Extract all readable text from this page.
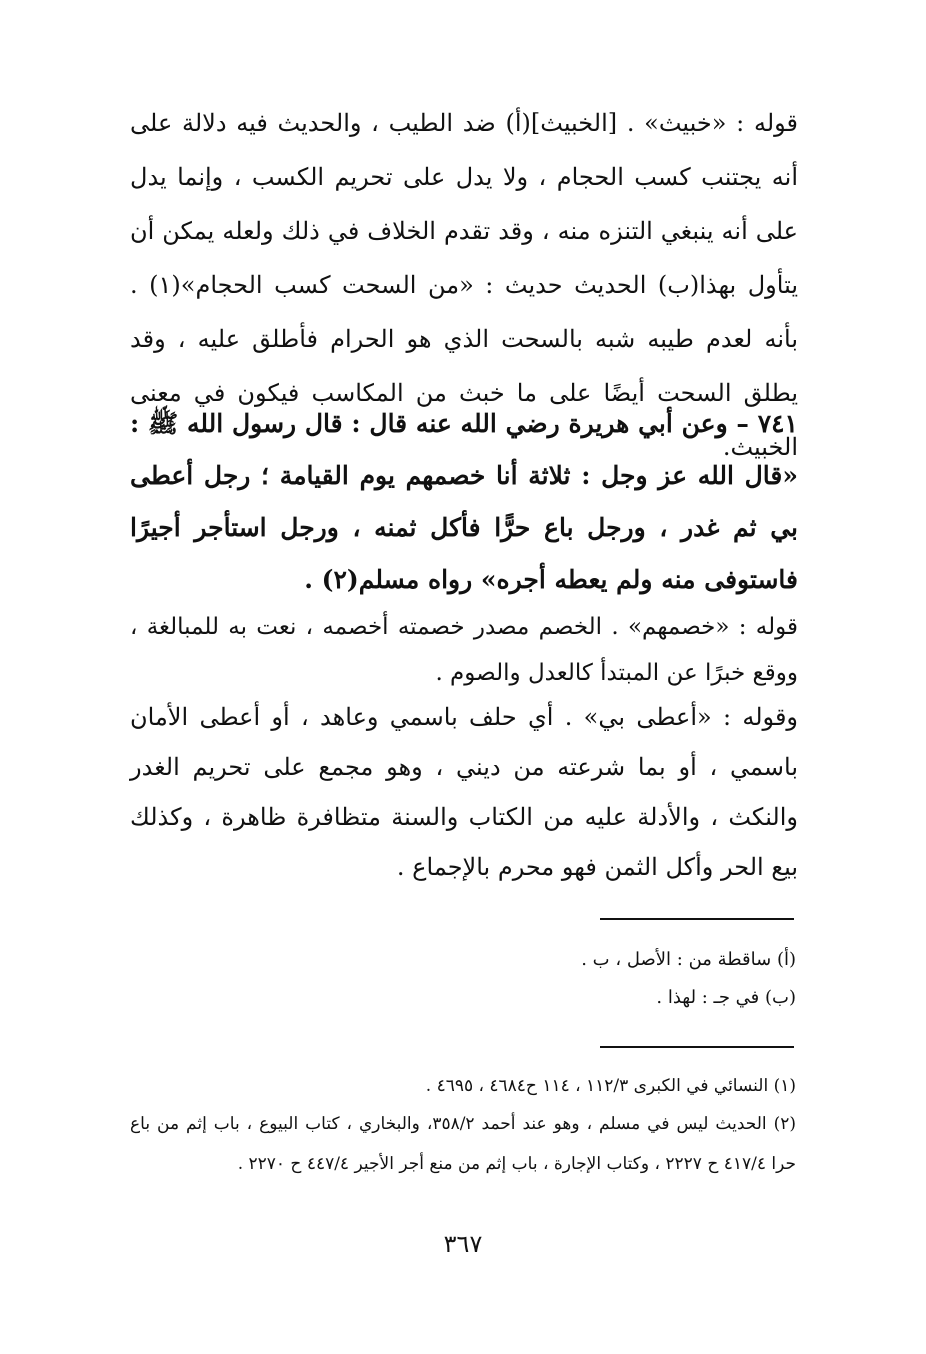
قوله : «خبيث» . [الخبيث](أ) ضد الطيب ، والحديث فيه دلالة على أنه يجتنب كسب الحجام ، ولا يدل على تحريم الكسب ، وإنما يدل على أنه ينبغي التنزه منه ، وقد تقدم الخلاف في ذلك ولعله يمكن أن يتأول بهذا(ب) الحديث حديث : «من السحت كسب الحجام»(١) . بأنه لعدم طيبه شبه بالسحت الذي هو الحرام فأطلق عليه ، وقد يطلق السحت أيضًا على ما خبث من المكاسب فيكون في معنى الخبيث.

٧٤١ – وعن أبي هريرة رضي الله عنه قال : قال رسول الله ﷺ : «قال الله عز وجل : ثلاثة أنا خصمهم يوم القيامة ؛ رجل أعطى بي ثم غدر ، ورجل باع حرًّا فأكل ثمنه ، ورجل استأجر أجيرًا فاستوفى منه ولم يعطه أجره» رواه مسلم(٢) .

قوله : «خصمهم» . الخصم مصدر خصمته أخصمه ، نعت به للمبالغة ، ووقع خبرًا عن المبتدأ كالعدل والصوم .

وقوله : «أعطى بي» . أي حلف باسمي وعاهد ، أو أعطى الأمان باسمي ، أو بما شرعته من ديني ، وهو مجمع على تحريم الغدر والنكث ، والأدلة عليه من الكتاب والسنة متظافرة ظاهرة ، وكذلك بيع الحر وأكل الثمن فهو محرم بالإجماع .

(أ) ساقطة من : الأصل ، ب .

(ب) في جـ : لهذا .

(١) النسائي في الكبرى ١١٢/٣ ، ١١٤ ح٤٦٨٤ ، ٤٦٩٥ .

(٢) الحديث ليس في مسلم ، وهو عند أحمد ٣٥٨/٢، والبخاري ، كتاب البيوع ، باب إثم من باع حرا ٤١٧/٤ ح ٢٢٢٧ ، وكتاب الإجارة ، باب إثم من منع أجر الأجير ٤٤٧/٤ ح ٢٢٧٠ .

٣٦٧
